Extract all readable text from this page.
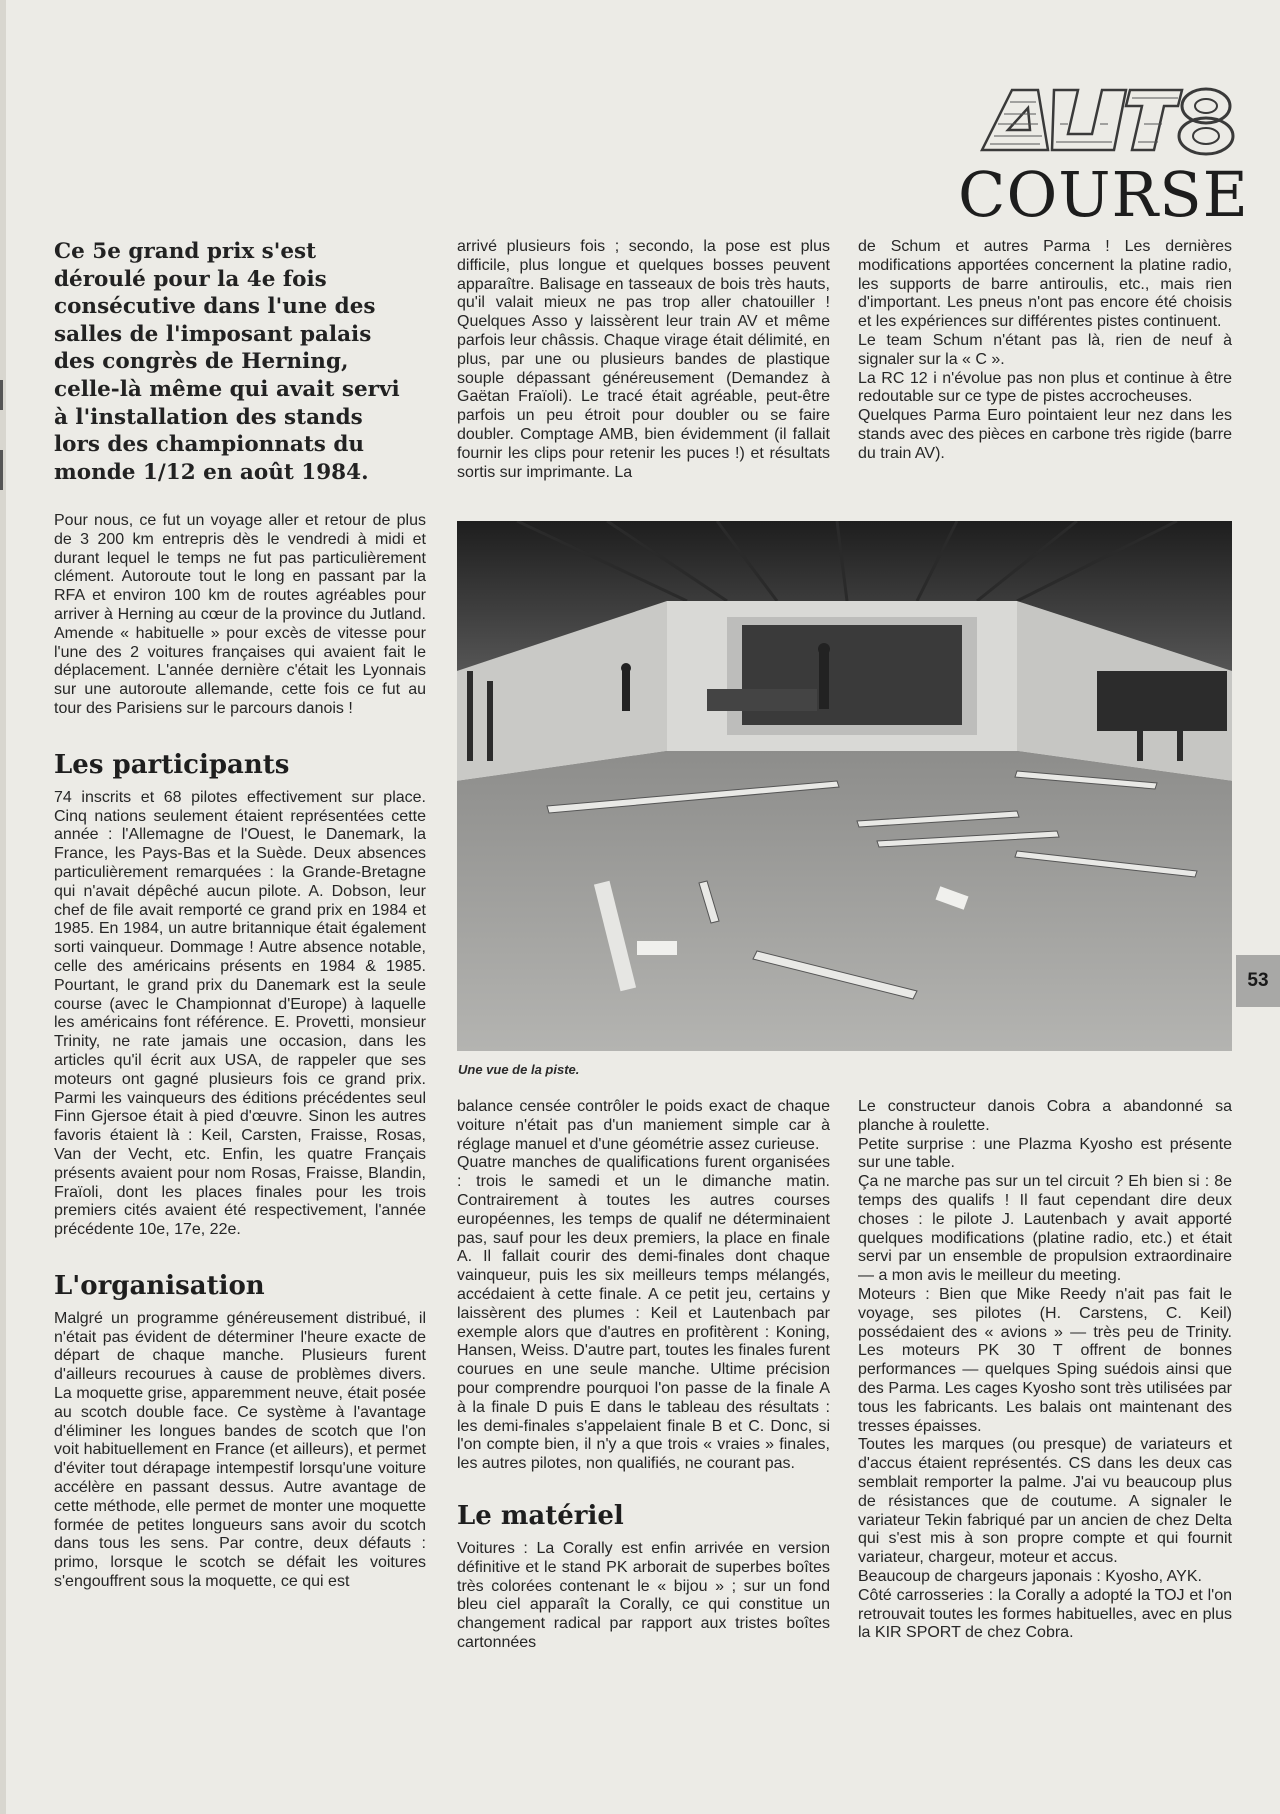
COURSE

Ce 5e grand prix s'est

déroulé pour la 4e fois

consécutive dans l'une des

salles de l'imposant palais

des congrès de Herning,

celle-là même qui avait servi

à l'installation des stands

lors des championnats du

monde 1/12 en août 1984.

Pour nous, ce fut un voyage aller et retour de plus de 3 200 km entrepris dès le vendredi à midi et durant lequel le temps ne fut pas particulièrement clément. Autoroute tout le long en passant par la RFA et environ 100 km de routes agréables pour arriver à Herning au cœur de la province du Jutland. Amende « habituelle » pour excès de vitesse pour l'une des 2 voitures françaises qui avaient fait le déplacement. L'année dernière c'était les Lyonnais sur une autoroute allemande, cette fois ce fut au tour des Parisiens sur le parcours danois !

Les participants

74 inscrits et 68 pilotes effectivement sur place. Cinq nations seulement étaient représentées cette année : l'Allemagne de l'Ouest, le Danemark, la France, les Pays-Bas et la Suède. Deux absences particulièrement remarquées : la Grande-Bretagne qui n'avait dépêché aucun pilote. A. Dobson, leur chef de file avait remporté ce grand prix en 1984 et 1985. En 1984, un autre britannique était également sorti vainqueur. Dommage ! Autre absence notable, celle des américains présents en 1984 & 1985. Pourtant, le grand prix du Danemark est la seule course (avec le Championnat d'Europe) à laquelle les américains font référence. E. Provetti, monsieur Trinity, ne rate jamais une occasion, dans les articles qu'il écrit aux USA, de rappeler que ses moteurs ont gagné plusieurs fois ce grand prix. Parmi les vainqueurs des éditions précédentes seul Finn Gjersoe était à pied d'œuvre. Sinon les autres favoris étaient là : Keil, Carsten, Fraisse, Rosas, Van der Vecht, etc. Enfin, les quatre Français présents avaient pour nom Rosas, Fraisse, Blandin, Fraïoli, dont les places finales pour les trois premiers cités avaient été respectivement, l'année précédente 10e, 17e, 22e.

L'organisation

Malgré un programme généreusement distribué, il n'était pas évident de déterminer l'heure exacte de départ de chaque manche. Plusieurs furent d'ailleurs recourues à cause de problèmes divers. La moquette grise, apparemment neuve, était posée au scotch double face. Ce système à l'avantage d'éliminer les longues bandes de scotch que l'on voit habituellement en France (et ailleurs), et permet d'éviter tout dérapage intempestif lorsqu'une voiture accélère en passant dessus. Autre avantage de cette méthode, elle permet de monter une moquette formée de petites longueurs sans avoir du scotch dans tous les sens. Par contre, deux défauts : primo, lorsque le scotch se défait les voitures s'engouffrent sous la moquette, ce qui est

arrivé plusieurs fois ; secondo, la pose est plus difficile, plus longue et quelques bosses peuvent apparaître. Balisage en tasseaux de bois très hauts, qu'il valait mieux ne pas trop aller chatouiller ! Quelques Asso y laissèrent leur train AV et même parfois leur châssis. Chaque virage était délimité, en plus, par une ou plusieurs bandes de plastique souple dépassant généreusement (Demandez à Gaëtan Fraïoli). Le tracé était agréable, peut-être parfois un peu étroit pour doubler ou se faire doubler. Comptage AMB, bien évidemment (il fallait fournir les clips pour retenir les puces !) et résultats sortis sur imprimante. La

de Schum et autres Parma ! Les dernières modifications apportées concernent la platine radio, les supports de barre antiroulis, etc., mais rien d'important. Les pneus n'ont pas encore été choisis et les expériences sur différentes pistes continuent.

Le team Schum n'étant pas là, rien de neuf à signaler sur la « C ».

La RC 12 i n'évolue pas non plus et continue à être redoutable sur ce type de pistes accrocheuses.

Quelques Parma Euro pointaient leur nez dans les stands avec des pièces en carbone très rigide (barre du train AV).

Une vue de la piste.

balance censée contrôler le poids exact de chaque voiture n'était pas d'un maniement simple car à réglage manuel et d'une géométrie assez curieuse.

Quatre manches de qualifications furent organisées : trois le samedi et un le dimanche matin. Contrairement à toutes les autres courses européennes, les temps de qualif ne déterminaient pas, sauf pour les deux premiers, la place en finale A. Il fallait courir des demi-finales dont chaque vainqueur, puis les six meilleurs temps mélangés, accédaient à cette finale. A ce petit jeu, certains y laissèrent des plumes : Keil et Lautenbach par exemple alors que d'autres en profitèrent : Koning, Hansen, Weiss. D'autre part, toutes les finales furent courues en une seule manche. Ultime précision pour comprendre pourquoi l'on passe de la finale A à la finale D puis E dans le tableau des résultats : les demi-finales s'appelaient finale B et C. Donc, si l'on compte bien, il n'y a que trois « vraies » finales, les autres pilotes, non qualifiés, ne courant pas.

Le matériel

Voitures : La Corally est enfin arrivée en version définitive et le stand PK arborait de superbes boîtes très colorées contenant le « bijou » ; sur un fond bleu ciel apparaît la Corally, ce qui constitue un changement radical par rapport aux tristes boîtes cartonnées

Le constructeur danois Cobra a abandonné sa planche à roulette.

Petite surprise : une Plazma Kyosho est présente sur une table.

Ça ne marche pas sur un tel circuit ? Eh bien si : 8e temps des qualifs ! Il faut cependant dire deux choses : le pilote J. Lautenbach y avait apporté quelques modifications (platine radio, etc.) et était servi par un ensemble de propulsion extraordinaire — a mon avis le meilleur du meeting.

Moteurs : Bien que Mike Reedy n'ait pas fait le voyage, ses pilotes (H. Carstens, C. Keil) possédaient des « avions » — très peu de Trinity. Les moteurs PK 30 T offrent de bonnes performances — quelques Sping suédois ainsi que des Parma. Les cages Kyosho sont très utilisées par tous les fabricants. Les balais ont maintenant des tresses épaisses.

Toutes les marques (ou presque) de variateurs et d'accus étaient représentés. CS dans les deux cas semblait remporter la palme. J'ai vu beaucoup plus de résistances que de coutume. A signaler le variateur Tekin fabriqué par un ancien de chez Delta qui s'est mis à son propre compte et qui fournit variateur, chargeur, moteur et accus.

Beaucoup de chargeurs japonais : Kyosho, AYK.

Côté carrosseries : la Corally a adopté la TOJ et l'on retrouvait toutes les formes habituelles, avec en plus la KIR SPORT de chez Cobra.

53
